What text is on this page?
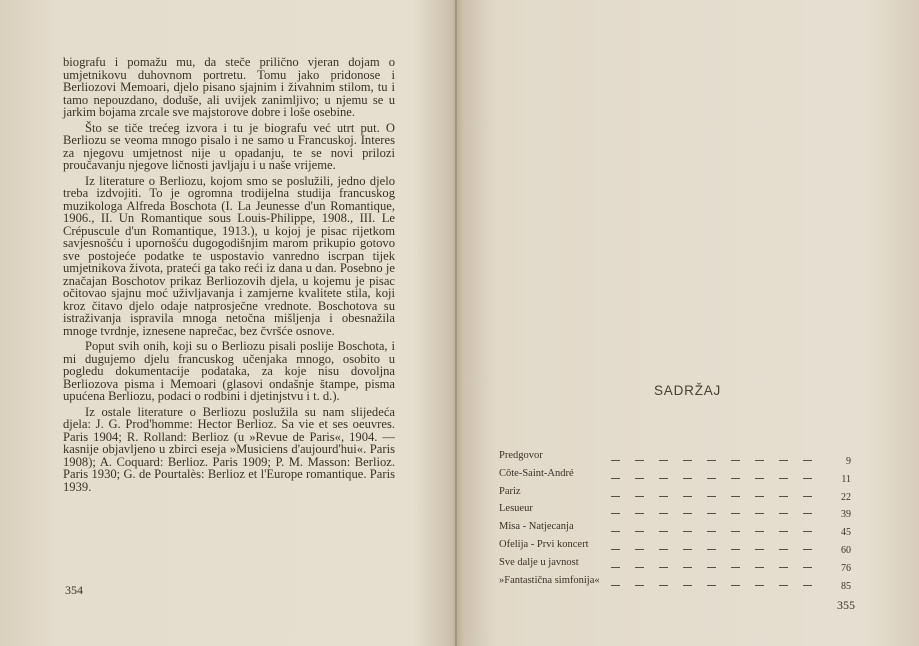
biografu i pomažu mu, da steče prilično vjeran dojam o umjetnikovu duhovnom portretu. Tomu jako pridonose i Berliozovi Memoari, djelo pisano sjajnim i živahnim stilom, tu i tamo nepouzdano, doduše, ali uvijek zanimljivo; u njemu se u jarkim bojama zrcale sve majstorove dobre i loše osebine.

Što se tiče trećeg izvora i tu je biografu već utrt put. O Berliozu se veoma mnogo pisalo i ne samo u Francuskoj. Interes za njegovu umjetnost nije u opadanju, te se novi prilozi proučavanju njegove ličnosti javljaju i u naše vrijeme.

Iz literature o Berliozu, kojom smo se poslužili, jedno djelo treba izdvojiti. To je ogromna trodijelna studija francuskog muzikologa Alfreda Boschota (I. La Jeunesse d'un Romantique, 1906., II. Un Romantique sous Louis-Philippe, 1908., III. Le Crépuscule d'un Romantique, 1913.), u kojoj je pisac rijetkom savjesnošću i upornošću dugogodišnjim marom prikupio gotovo sve postojeće podatke te uspostavio vanredno iscrpan tijek umjetnikova života, prateći ga tako reći iz dana u dan. Posebno je značajan Boschotov prikaz Berliozovih djela, u kojemu je pisac očitovao sjajnu moć uživljavanja i zamjerne kvalitete stila, koji kroz čitavo djelo odaje natprosječne vrednote. Boschotova su istraživanja ispravila mnoga netočna mišljenja i obesnažila mnoge tvrdnje, iznesene naprečac, bez čvršće osnove.

Poput svih onih, koji su o Berliozu pisali poslije Boschota, i mi dugujemo djelu francuskog učenjaka mnogo, osobito u pogledu dokumentacije podataka, za koje nisu dovoljna Berliozova pisma i Memoari (glasovi ondašnje štampe, pisma upućena Berliozu, podaci o rodbini i djetinjstvu i t. d.).

Iz ostale literature o Berliozu poslužila su nam slijedeća djela: J. G. Prod'homme: Hector Berlioz. Sa vie et ses oeuvres. Paris 1904; R. Rolland: Berlioz (u »Revue de Paris«, 1904. — kasnije objavljeno u zbirci eseja »Musiciens d'aujourd'hui«. Paris 1908); A. Coquard: Berlioz. Paris 1909; P. M. Masson: Berlioz. Paris 1930; G. de Pourtalès: Berlioz et l'Europe romantique. Paris 1939.

354
SADRŽAJ
Predgovor
9
Côte-Saint-André
11
Pariz
22
Lesueur
39
Misa - Natjecanja
45
Ofelija - Prvi koncert
60
Sve dalje u javnost
76
»Fantastična simfonija«
85
355
